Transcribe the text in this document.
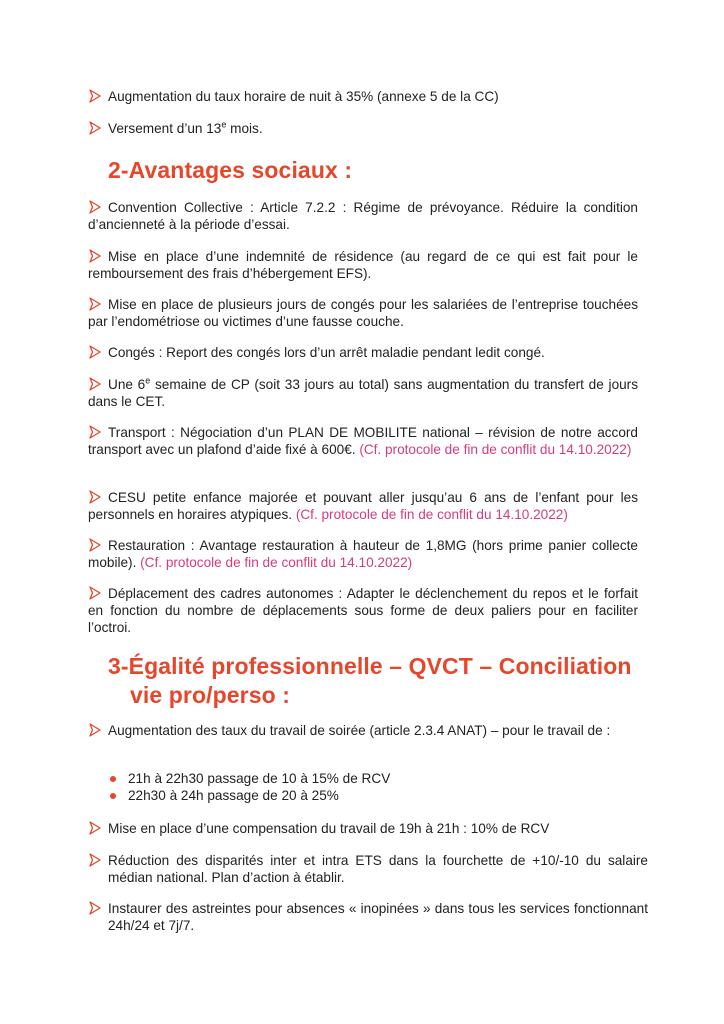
Augmentation du taux horaire de nuit à 35% (annexe 5 de la CC)
Versement d’un 13e mois.
2-Avantages sociaux :
Convention Collective : Article 7.2.2 : Régime de prévoyance. Réduire la condition d’ancienneté à la période d’essai.
Mise en place d’une indemnité de résidence (au regard de ce qui est fait pour le remboursement des frais d’hébergement EFS).
Mise en place de plusieurs jours de congés pour les salariées de l’entreprise touchées par l’endométriose ou victimes d’une fausse couche.
Congés : Report des congés lors d’un arrêt maladie pendant ledit congé.
Une 6e semaine de CP (soit 33 jours au total) sans augmentation du transfert de jours dans le CET.
Transport : Négociation d’un PLAN DE MOBILITE national – révision de notre accord transport avec un plafond d’aide fixé à 600€. (Cf. protocole de fin de conflit du 14.10.2022)
CESU petite enfance majorée et pouvant aller jusqu’au 6 ans de l’enfant pour les personnels en horaires atypiques. (Cf. protocole de fin de conflit du 14.10.2022)
Restauration : Avantage restauration à hauteur de 1,8MG (hors prime panier collecte mobile). (Cf. protocole de fin de conflit du 14.10.2022)
Déplacement des cadres autonomes : Adapter le déclenchement du repos et le forfait en fonction du nombre de déplacements sous forme de deux paliers pour en faciliter l’octroi.
3-Égalité professionnelle – QVCT – Conciliation
vie pro/perso :
Augmentation des taux du travail de soirée (article 2.3.4 ANAT) – pour le travail de :
21h à 22h30 passage de 10 à 15% de RCV
22h30 à 24h passage de 20 à 25%
Mise en place d’une compensation du travail de 19h à 21h : 10% de RCV
Réduction des disparités inter et intra ETS dans la fourchette de +10/-10 du salaire médian national. Plan d’action à établir.
Instaurer des astreintes pour absences « inopinées » dans tous les services fonctionnant 24h/24 et 7j/7.
